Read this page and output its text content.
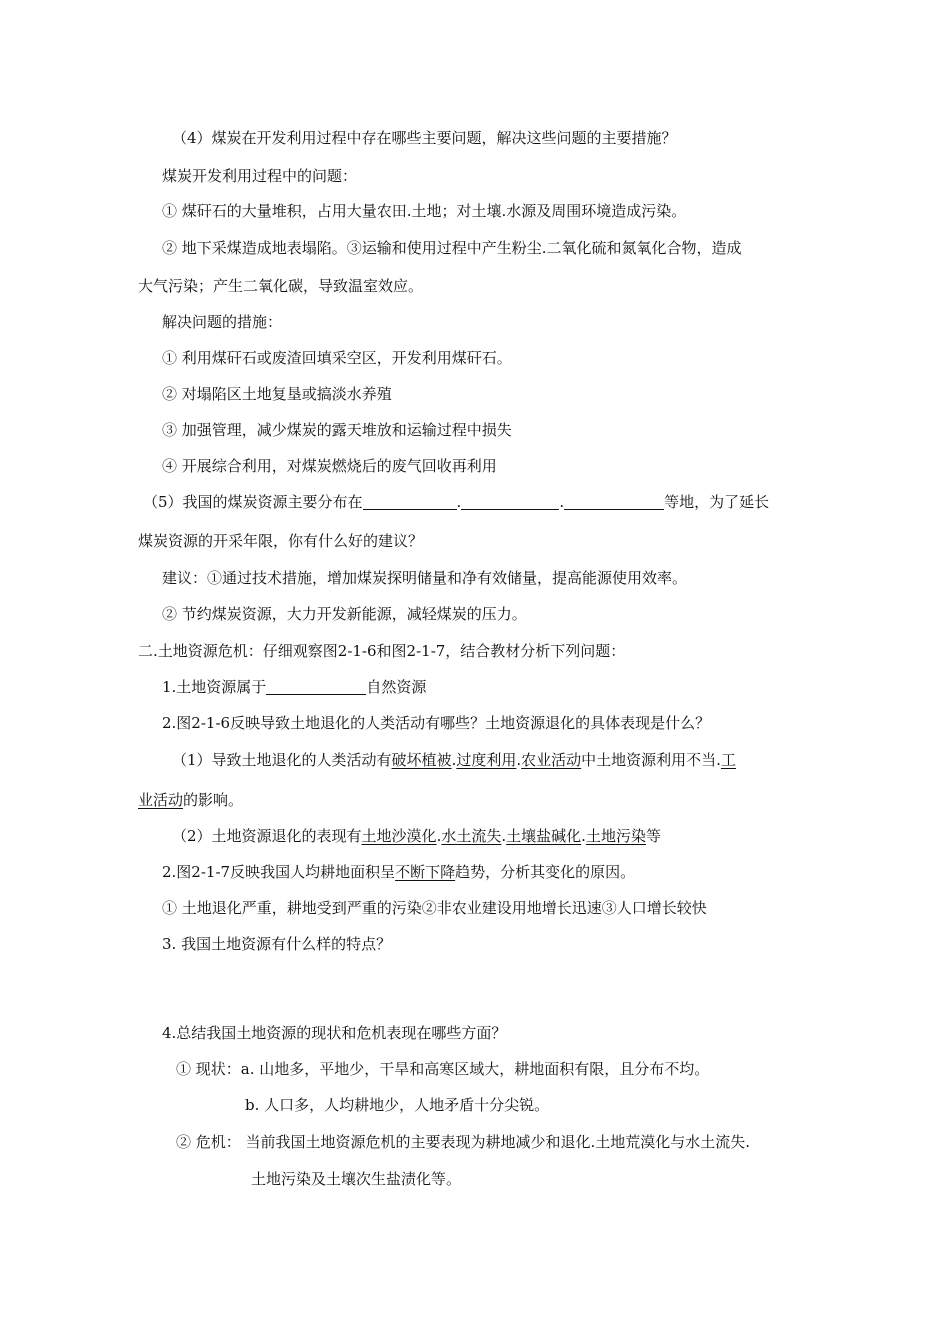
（4）煤炭在开发利用过程中存在哪些主要问题，解决这些问题的主要措施？
煤炭开发利用过程中的问题：
① 煤矸石的大量堆积，占用大量农田.土地；对土壤.水源及周围环境造成污染。
② 地下采煤造成地表塌陷。③运输和使用过程中产生粉尘.二氧化硫和氮氧化合物，造成
大气污染；产生二氧化碳，导致温室效应。
解决问题的措施：
① 利用煤矸石或废渣回填采空区，开发利用煤矸石。
② 对塌陷区土地复垦或搞淡水养殖
③ 加强管理，减少煤炭的露天堆放和运输过程中损失
④ 开展综合利用，对煤炭燃烧后的废气回收再利用
（5）我国的煤炭资源主要分布在	.	.	等地，为了延长
煤炭资源的开采年限，你有什么好的建议？
建议：①通过技术措施，增加煤炭探明储量和净有效储量，提高能源使用效率。
② 节约煤炭资源，大力开发新能源，减轻煤炭的压力。
二.土地资源危机：仔细观察图2-1-6和图2-1-7，结合教材分析下列问题：
1.土地资源属于	自然资源
2.图2-1-6反映导致土地退化的人类活动有哪些？土地资源退化的具体表现是什么？
（1）导致土地退化的人类活动有破坏植被.过度利用.农业活动中土地资源利用不当.工
业活动的影响。
（2）土地资源退化的表现有土地沙漠化.水土流失.土壤盐碱化.土地污染等
2.图2-1-7反映我国人均耕地面积呈不断下降趋势，分析其变化的原因。
① 土地退化严重，耕地受到严重的污染②非农业建设用地增长迅速③人口增长较快
3. 我国土地资源有什么样的特点？
4.总结我国土地资源的现状和危机表现在哪些方面？
① 现状：a. 山地多，平地少，干旱和高寒区域大，耕地面积有限，且分布不均。
b. 人口多，人均耕地少，人地矛盾十分尖锐。
② 危机： 当前我国土地资源危机的主要表现为耕地减少和退化.土地荒漠化与水土流失.
土地污染及土壤次生盐渍化等。
